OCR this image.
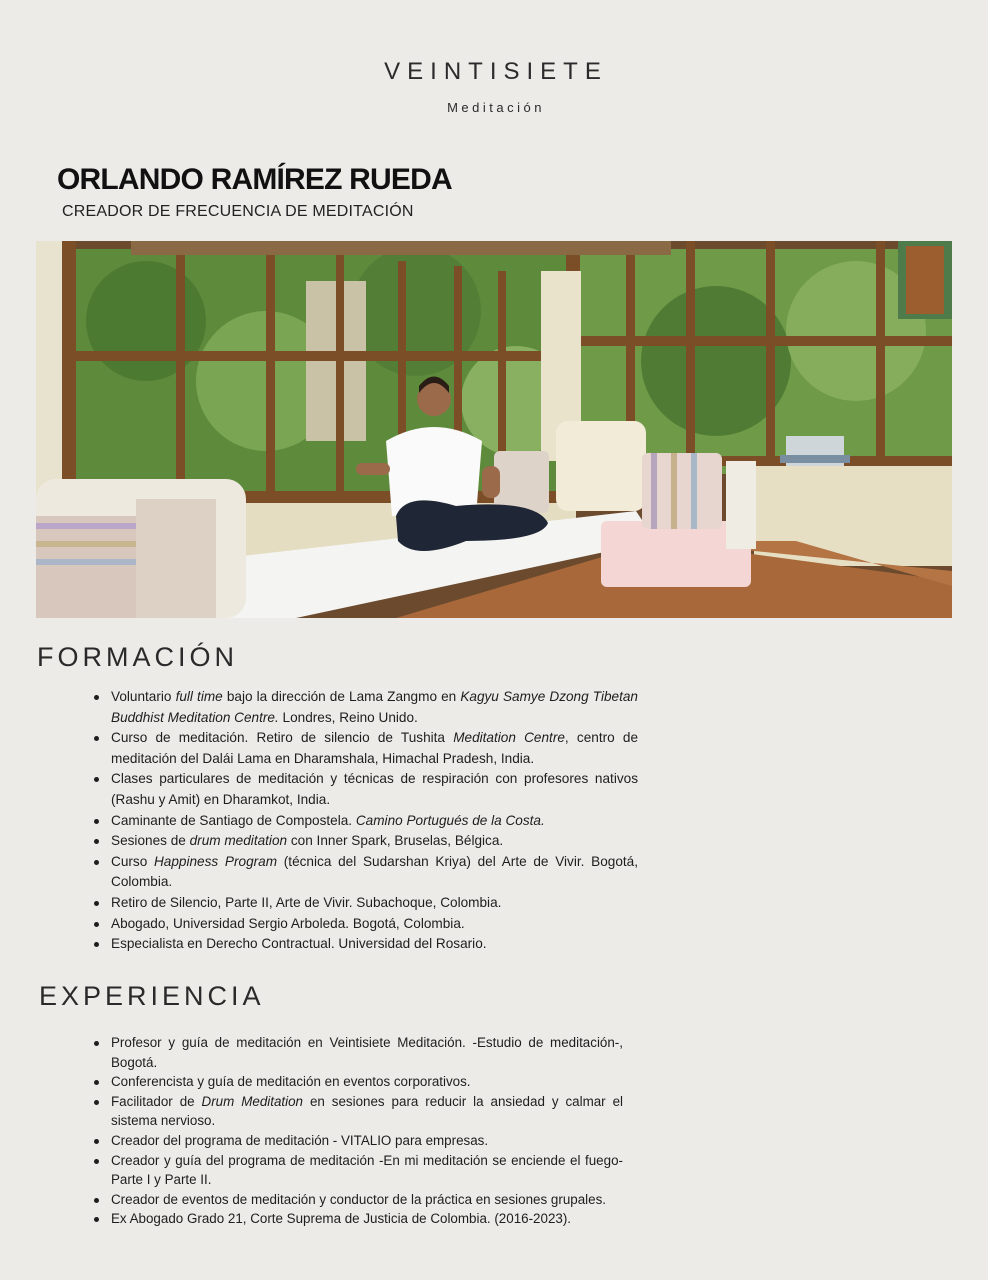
VEINTISIETE
Meditación
ORLANDO RAMÍREZ RUEDA
CREADOR DE FRECUENCIA DE MEDITACIÓN
FORMACIÓN
Voluntario full time bajo la dirección de Lama Zangmo en Kagyu Samye Dzong Tibetan Buddhist Meditation Centre. Londres, Reino Unido.
Curso de meditación. Retiro de silencio de Tushita Meditation Centre, centro de meditación del Dalái Lama en Dharamshala, Himachal Pradesh, India.
Clases particulares de meditación y técnicas de respiración con profesores nativos (Rashu y Amit) en Dharamkot, India.
Caminante de Santiago de Compostela. Camino Portugués de la Costa.
Sesiones de drum meditation con Inner Spark, Bruselas, Bélgica.
Curso Happiness Program (técnica del Sudarshan Kriya) del Arte de Vivir. Bogotá, Colombia.
Retiro de Silencio, Parte II, Arte de Vivir. Subachoque, Colombia.
Abogado, Universidad Sergio Arboleda. Bogotá, Colombia.
Especialista en Derecho Contractual. Universidad del Rosario.
EXPERIENCIA
Profesor y guía de meditación en Veintisiete Meditación. -Estudio de meditación-, Bogotá.
Conferencista y guía de meditación en eventos corporativos.
Facilitador de Drum Meditation en sesiones para reducir la ansiedad y calmar el sistema nervioso.
Creador del programa de meditación - VITALIO para empresas.
Creador y guía del programa de meditación -En mi meditación se enciende el fuego- Parte I y Parte II.
Creador de eventos de meditación y conductor de la práctica en sesiones grupales.
Ex Abogado Grado 21, Corte Suprema de Justicia de Colombia. (2016-2023).
